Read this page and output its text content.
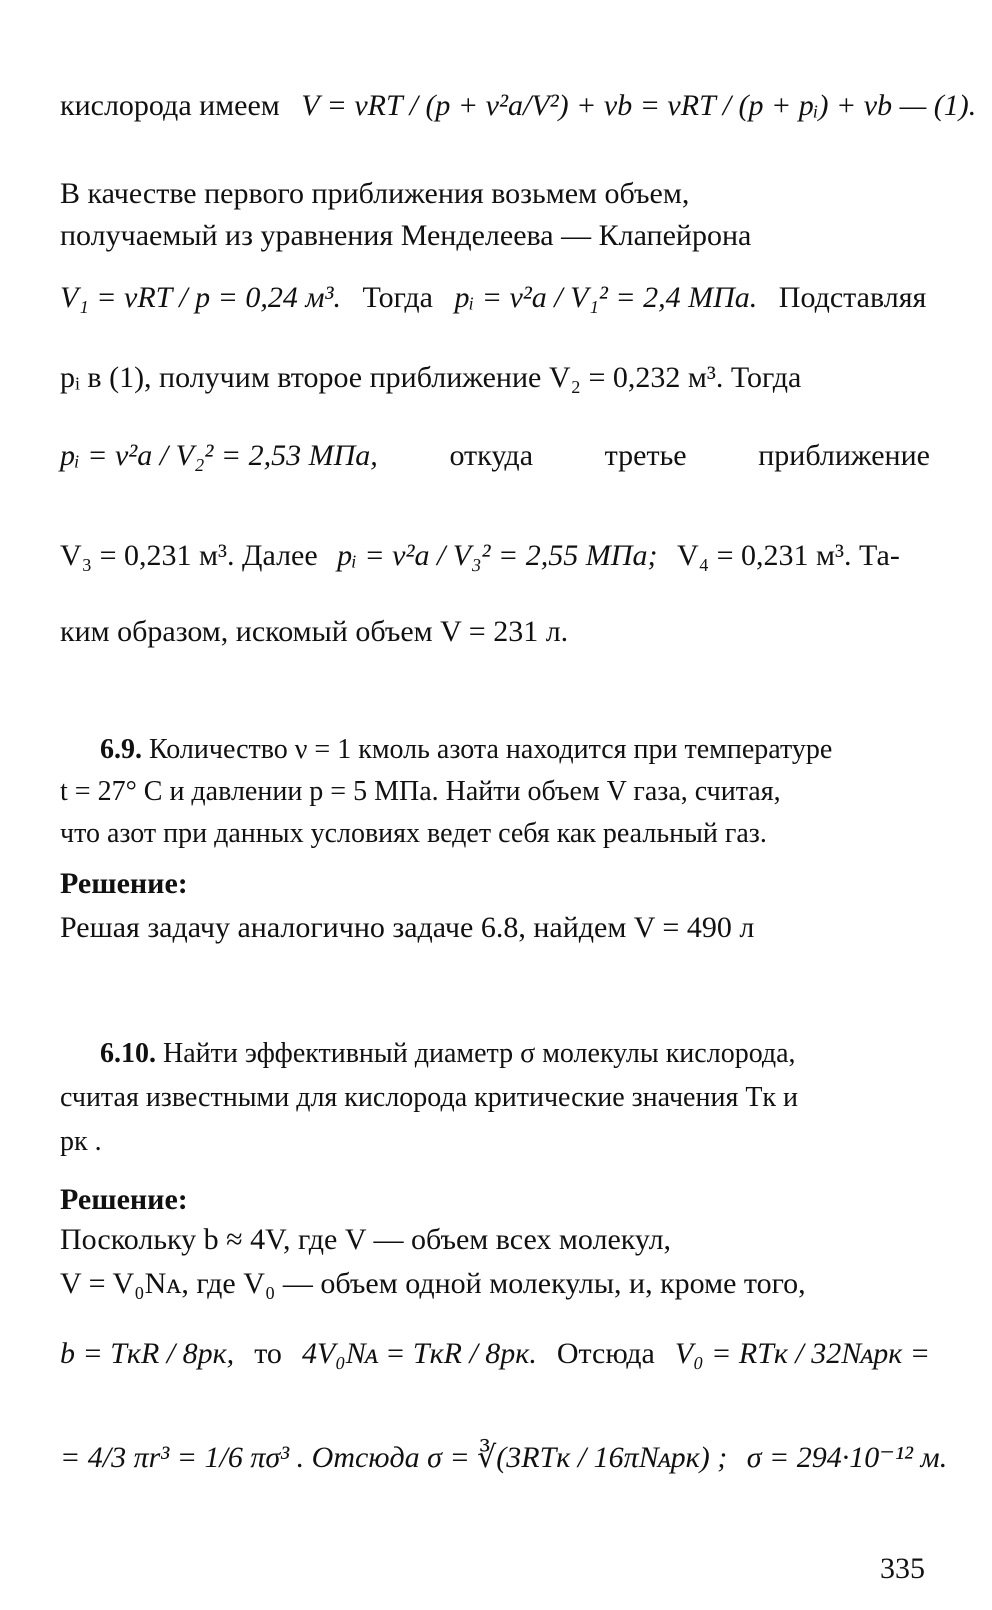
кислорода имеем V = νRT / (p + ν²a/V²) + νb = νRT / (p + pᵢ) + νb — (1).
В качестве первого приближения возьмем объем,
получаемый из уравнения Менделеева — Клапейрона
V₁ = νRT / p = 0,24 м³. Тогда pᵢ = ν²a / V₁² = 2,4 МПа. Подставляя
pᵢ в (1), получим второе приближение V₂ = 0,232 м³. Тогда
pᵢ = ν²a / V₂² = 2,53 МПа, откуда третье приближение
V₃ = 0,231 м³. Далее pᵢ = ν²a / V₃² = 2,55 МПа; V₄ = 0,231 м³. Та-
ким образом, искомый объем V = 231 л.
6.9. Количество ν = 1 кмоль азота находится при температуре
t = 27° C и давлении p = 5 МПа. Найти объем V газа, считая,
что азот при данных условиях ведет себя как реальный газ.
Решение:
Решая задачу аналогично задаче 6.8, найдем V = 490 л
6.10. Найти эффективный диаметр σ молекулы кислорода,
считая известными для кислорода критические значения Tк и
pк .
Решение:
Поскольку b ≈ 4V, где V — объем всех молекул,
V = V₀Nᴀ, где V₀ — объем одной молекулы, и, кроме того,
b = TкR / 8pк, то 4V₀Nᴀ = TкR / 8pк. Отсюда V₀ = RTк / 32Nᴀpк =
= 4/3 πr³ = 1/6 πσ³ . Отсюда σ = ∛(3RTк / 16πNᴀpк) ; σ = 294·10⁻¹² м.
335
